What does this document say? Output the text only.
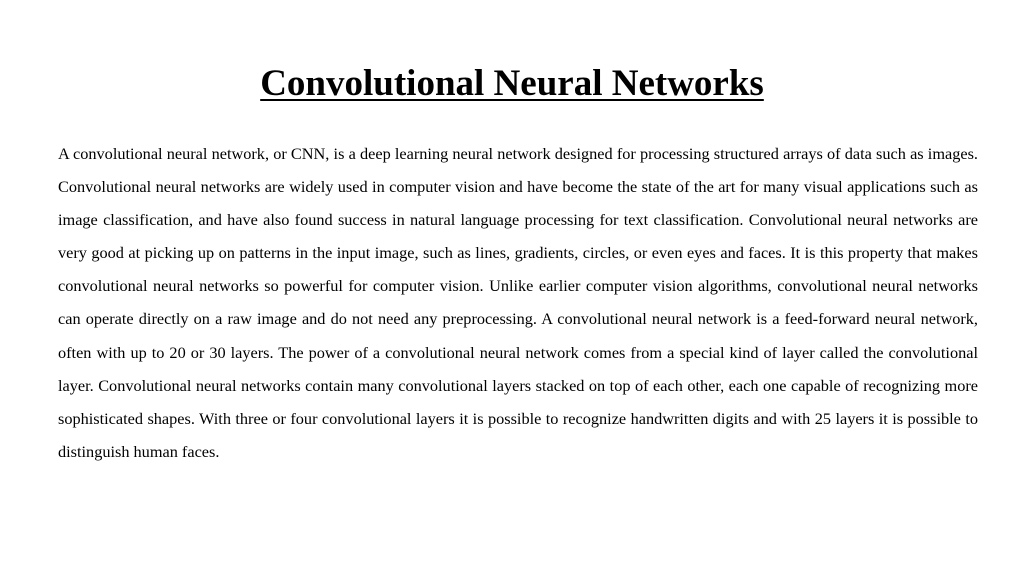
Convolutional Neural Networks

A convolutional neural network, or CNN, is a deep learning neural network designed for processing structured arrays of data such as images. Convolutional neural networks are widely used in computer vision and have become the state of the art for many visual applications such as image classification, and have also found success in natural language processing for text classification. Convolutional neural networks are very good at picking up on patterns in the input image, such as lines, gradients, circles, or even eyes and faces. It is this property that makes convolutional neural networks so powerful for computer vision. Unlike earlier computer vision algorithms, convolutional neural networks can operate directly on a raw image and do not need any preprocessing. A convolutional neural network is a feed-forward neural network, often with up to 20 or 30 layers. The power of a convolutional neural network comes from a special kind of layer called the convolutional layer. Convolutional neural networks contain many convolutional layers stacked on top of each other, each one capable of recognizing more sophisticated shapes. With three or four convolutional layers it is possible to recognize handwritten digits and with 25 layers it is possible to distinguish human faces.
